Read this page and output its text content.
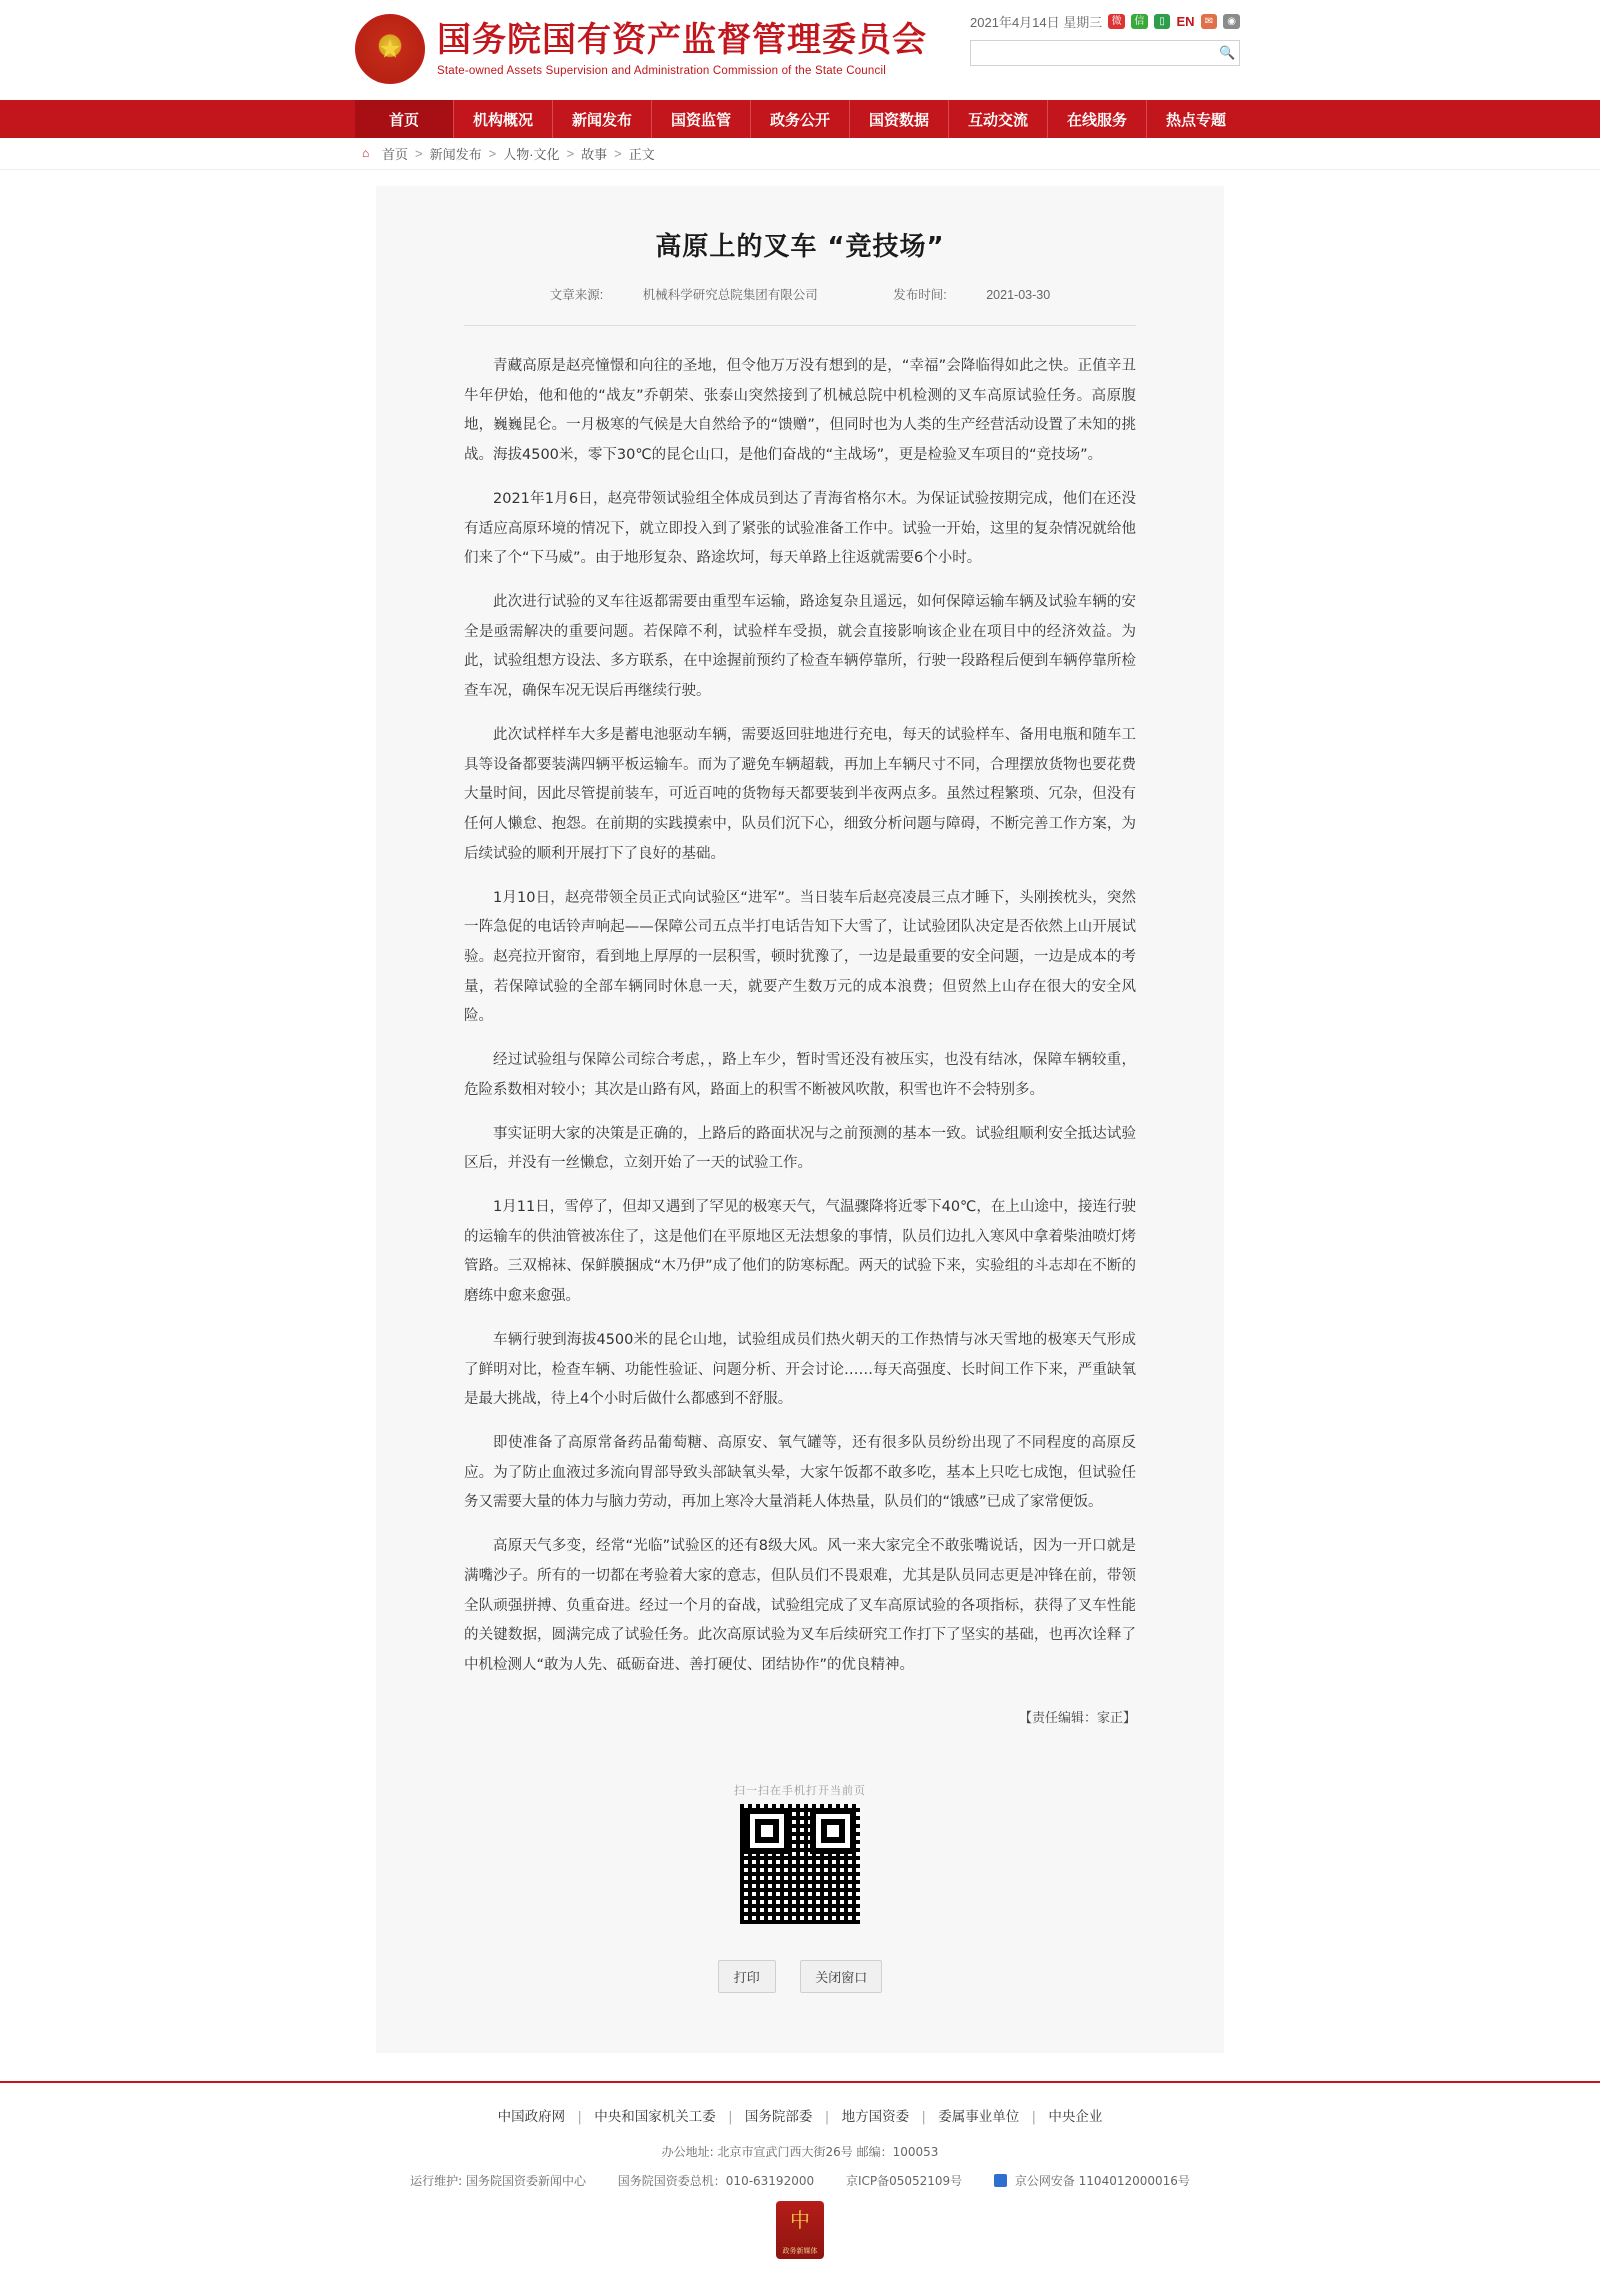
★
国务院国有资产监督管理委员会
State-owned Assets Supervision and Administration Commission of the State Council
2021年4月14日 星期三 微	信	▯ EN	✉	◉
🔍
首页	机构概况	新闻发布	国资监管	政务公开	国资数据	互动交流	在线服务	热点专题
⌂ 首页 > 新闻发布 > 人物·文化 > 故事 > 正文
高原上的叉车 “竞技场”
文章来源:	机械科学研究总院集团有限公司	发布时间:	2021-03-30

青藏高原是赵亮憧憬和向往的圣地，但令他万万没有想到的是，“幸福”会降临得如此之快。正值辛丑牛年伊始，他和他的“战友”乔朝荣、张泰山突然接到了机械总院中机检测的叉车高原试验任务。高原腹地，巍巍昆仑。一月极寒的气候是大自然给予的“馈赠”，但同时也为人类的生产经营活动设置了未知的挑战。海拔4500米，零下30℃的昆仑山口，是他们奋战的“主战场”，更是检验叉车项目的“竞技场”。

2021年1月6日，赵亮带领试验组全体成员到达了青海省格尔木。为保证试验按期完成，他们在还没有适应高原环境的情况下，就立即投入到了紧张的试验准备工作中。试验一开始，这里的复杂情况就给他们来了个“下马威”。由于地形复杂、路途坎坷，每天单路上往返就需要6个小时。

此次进行试验的叉车往返都需要由重型车运输，路途复杂且遥远，如何保障运输车辆及试验车辆的安全是亟需解决的重要问题。若保障不利，试验样车受损，就会直接影响该企业在项目中的经济效益。为此，试验组想方设法、多方联系，在中途握前预约了检查车辆停靠所，行驶一段路程后便到车辆停靠所检查车况，确保车况无误后再继续行驶。

此次试样样车大多是蓄电池驱动车辆，需要返回驻地进行充电，每天的试验样车、备用电瓶和随车工具等设备都要装满四辆平板运输车。而为了避免车辆超载，再加上车辆尺寸不同，合理摆放货物也要花费大量时间，因此尽管提前装车，可近百吨的货物每天都要装到半夜两点多。虽然过程繁琐、冗杂，但没有任何人懒怠、抱怨。在前期的实践摸索中，队员们沉下心，细致分析问题与障碍，不断完善工作方案，为后续试验的顺利开展打下了良好的基础。

1月10日，赵亮带领全员正式向试验区“进军”。当日装车后赵亮凌晨三点才睡下，头刚挨枕头，突然一阵急促的电话铃声响起——保障公司五点半打电话告知下大雪了，让试验团队决定是否依然上山开展试验。赵亮拉开窗帘，看到地上厚厚的一层积雪，顿时犹豫了，一边是最重要的安全问题，一边是成本的考量，若保障试验的全部车辆同时休息一天，就要产生数万元的成本浪费；但贸然上山存在很大的安全风险。

经过试验组与保障公司综合考虑，，路上车少，暂时雪还没有被压实，也没有结冰，保障车辆较重，危险系数相对较小；其次是山路有风，路面上的积雪不断被风吹散，积雪也许不会特别多。

事实证明大家的决策是正确的，上路后的路面状况与之前预测的基本一致。试验组顺利安全抵达试验区后，并没有一丝懒怠，立刻开始了一天的试验工作。

1月11日，雪停了，但却又遇到了罕见的极寒天气，气温骤降将近零下40℃，在上山途中，接连行驶的运输车的供油管被冻住了，这是他们在平原地区无法想象的事情，队员们边扎入寒风中拿着柴油喷灯烤管路。三双棉袜、保鲜膜捆成“木乃伊”成了他们的防寒标配。两天的试验下来，实验组的斗志却在不断的磨练中愈来愈强。

车辆行驶到海拔4500米的昆仑山地，试验组成员们热火朝天的工作热情与冰天雪地的极寒天气形成了鲜明对比，检查车辆、功能性验证、问题分析、开会讨论……每天高强度、长时间工作下来，严重缺氧是最大挑战，待上4个小时后做什么都感到不舒服。

即使准备了高原常备药品葡萄糖、高原安、氧气罐等，还有很多队员纷纷出现了不同程度的高原反应。为了防止血液过多流向胃部导致头部缺氧头晕，大家午饭都不敢多吃，基本上只吃七成饱，但试验任务又需要大量的体力与脑力劳动，再加上寒冷大量消耗人体热量，队员们的“饿感”已成了家常便饭。

高原天气多变，经常“光临”试验区的还有8级大风。风一来大家完全不敢张嘴说话，因为一开口就是满嘴沙子。所有的一切都在考验着大家的意志，但队员们不畏艰难，尤其是队员同志更是冲锋在前，带领全队顽强拼搏、负重奋进。经过一个月的奋战，试验组完成了叉车高原试验的各项指标，获得了叉车性能的关键数据，圆满完成了试验任务。此次高原试验为叉车后续研究工作打下了坚实的基础，也再次诠释了中机检测人“敢为人先、砥砺奋进、善打硬仗、团结协作”的优良精神。

【责任编辑：家正】
扫一扫在手机打开当前页
打印	关闭窗口
中国政府网 | 中央和国家机关工委 | 国务院部委 | 地方国资委 | 委属事业单位 | 中央企业
办公地址: 北京市宣武门西大街26号 邮编：100053
运行维护: 国务院国资委新闻中心	国务院国资委总机：010-63192000	京ICP备05052109号	京公网安备 1104012000016号
中
政务新媒体
